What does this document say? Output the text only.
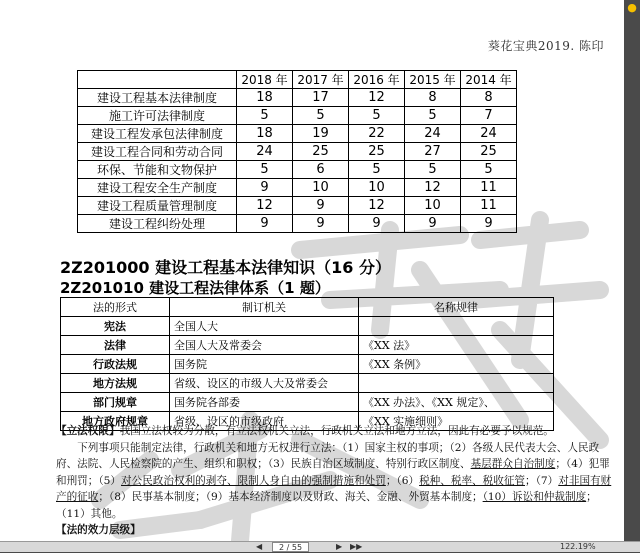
葵花宝典2019. 陈印
	2018 年	2017 年	2016 年	2015 年	2014 年
建设工程基本法律制度	18	17	12	8	8
施工许可法律制度	5	5	5	5	7
建设工程发承包法律制度	18	19	22	24	24
建设工程合同和劳动合同	24	25	25	27	25
环保、节能和文物保护	5	6	5	5	5
建设工程安全生产制度	9	10	10	12	11
建设工程质量管理制度	12	9	12	10	11
建设工程纠纷处理	9	9	9	9	9
2Z201000 建设工程基本法律知识（16 分）
2Z201010 建设工程法律体系（1 题）
法的形式	制订机关	名称规律
宪法	全国人大	
法律	全国人大及常委会	《XX 法》
行政法规	国务院	《XX 条例》
地方法规	省级、设区的市级人大及常委会	
部门规章	国务院各部委	《XX 办法》、《XX 规定》、
地方政府规章	省级、设区的市级政府	《XX 实施细则》

【立法权限】我国立法权较为分散，有立法权机关立法，行政机关立法和地方立法，因此有必要予以规范。

下列事项只能制定法律，行政机关和地方无权进行立法：（1）国家主权的事项；（2）各级人民代表大会、人民政府、法院、人民检察院的产生、组织和职权；（3）民族自治区域制度、特别行政区制度、基层群众自治制度；（4）犯罪和刑罚；（5）对公民政治权利的剥夺、限制人身自由的强制措施和处罚；（6）税种、税率、税收征管；（7）对非国有财产的征收；（8）民事基本制度；（9）基本经济制度以及财政、海关、金融、外贸基本制度；（10）诉讼和仲裁制度；（11）其他。

【法的效力层级】

●
◀	2 / 55	▶ ▶▶	122.19%
